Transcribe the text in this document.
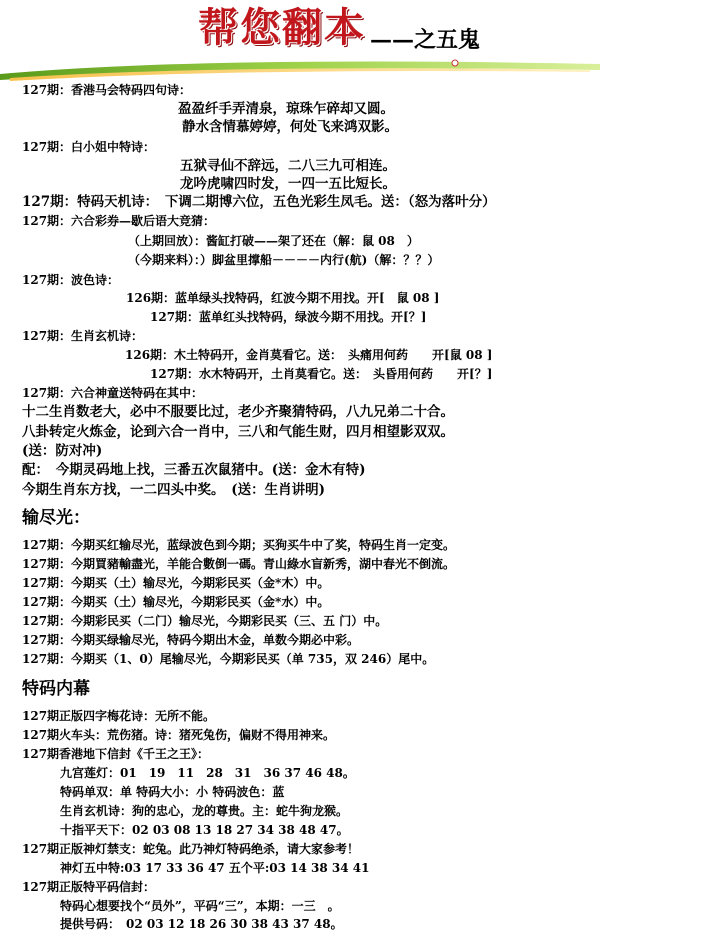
帮您翻本 ——之五鬼
127期：香港马会特码四句诗：
盈盈纤手弄清泉，琼珠乍碎却又圆。
静水含情慕婷婷，何处飞来鸿双影。
127期：白小姐中特诗：
五狱寻仙不辞远，二八三九可相连。
龙吟虎啸四时发，一四一五比短长。
127期：特码天机诗：　下调二期博六位，五色光彩生凤毛。送：（怒为落叶分）
127期：六合彩券—歇后语大竞猜：
（上期回放）：酱缸打破——架了还在（解：鼠 08　）
（今期来料）：）脚盆里撑船－－－－内行(航)（解：？？）
127期：波色诗：
126期：蓝单绿头找特码，红波今期不用找。开[　鼠 08 ]
127期：蓝单红头找特码，绿波今期不用找。开[？]
127期：生肖玄机诗：
126期：木土特码开，金肖莫看它。送：　头痛用何药　　开[鼠 08 ]
127期：水木特码开，土肖莫看它。送：　头昏用何药　　开[？]
127期：六合神童送特码在其中：
十二生肖数老大，必中不服要比过，老少齐聚猜特码，八九兄弟二十合。
八卦转定火炼金，论到六合一肖中，三八和气能生财，四月相望影双双。
(送：防对冲)
配：　今期灵码地上找，三番五次鼠猪中。(送：金木有特)
今期生肖东方找，一二四头中奖。　(送：生肖讲明)
输尽光：
127期：今期买红输尽光，蓝绿波色到今期；买狗买牛中了奖，特码生肖一定变。
127期：今期買豬輸盡光，羊能合數倒一碼。青山綠水盲新秀，湖中春光不倒流。
127期：今期买（土）输尽光，今期彩民买（金*木）中。
127期：今期买（土）输尽光，今期彩民买（金*水）中。
127期：今期彩民买（二门）输尽光，今期彩民买（三、五 门）中。
127期：今期买绿输尽光，特码今期出木金，单数今期必中彩。
127期：今期买（1、0）尾输尽光，今期彩民买（单 735，双 246）尾中。
特码内幕
127期正版四字梅花诗：无所不能。
127期火车头：荒伤猪。诗：猪死兔伤，偏财不得用神来。
127期香港地下信封《千王之王》：
九宫莲灯：01　19　11　28　31　36 37 46 48。
特码单双：单 特码大小：小 特码波色：蓝
生肖玄机诗：狗的忠心，龙的尊贵。主：蛇牛狗龙猴。
十指平天下：02 03 08 13 18 27 34 38 48 47。
127期正版神灯禁支：蛇兔。此乃神灯特码绝杀，请大家参考！
神灯五中特:03 17 33 36 47 五个平:03 14 38 34 41
127期正版特平码信封：
特码心想要找个“员外”，平码“三”，本期：一三　。
提供号码：　02 03 12 18 26 30 38 43 37 48。
